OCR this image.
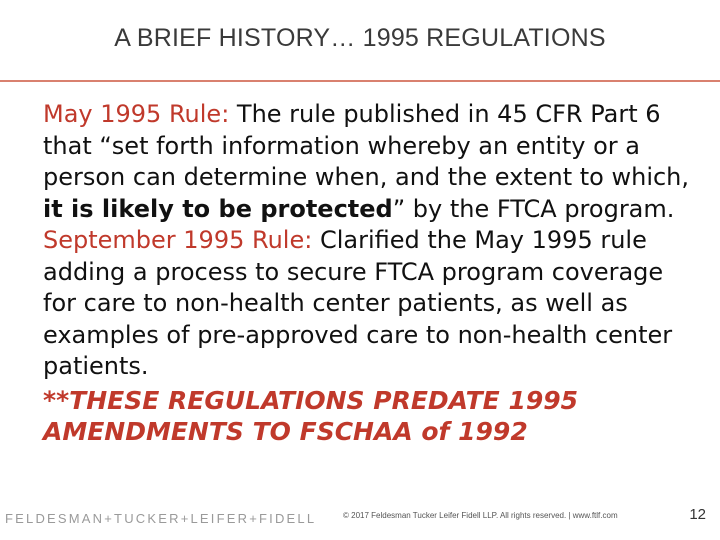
A BRIEF HISTORY… 1995 REGULATIONS

May 1995 Rule: The rule published in 45 CFR Part 6 that “set forth information whereby an entity or a person can determine when, and the extent to which, it is likely to be protected” by the FTCA program.

September 1995 Rule: Clarified the May 1995 rule adding a process to secure FTCA program coverage for care to non-health center patients, as well as examples of pre-approved care to non-health center patients.

**THESE REGULATIONS PREDATE 1995 AMENDMENTS TO FSCHAA of 1992

FELDESMAN+TUCKER+LEIFER+FIDELL	© 2017 Feldesman Tucker Leifer Fidell LLP. All rights reserved. | www.ftlf.com	12
